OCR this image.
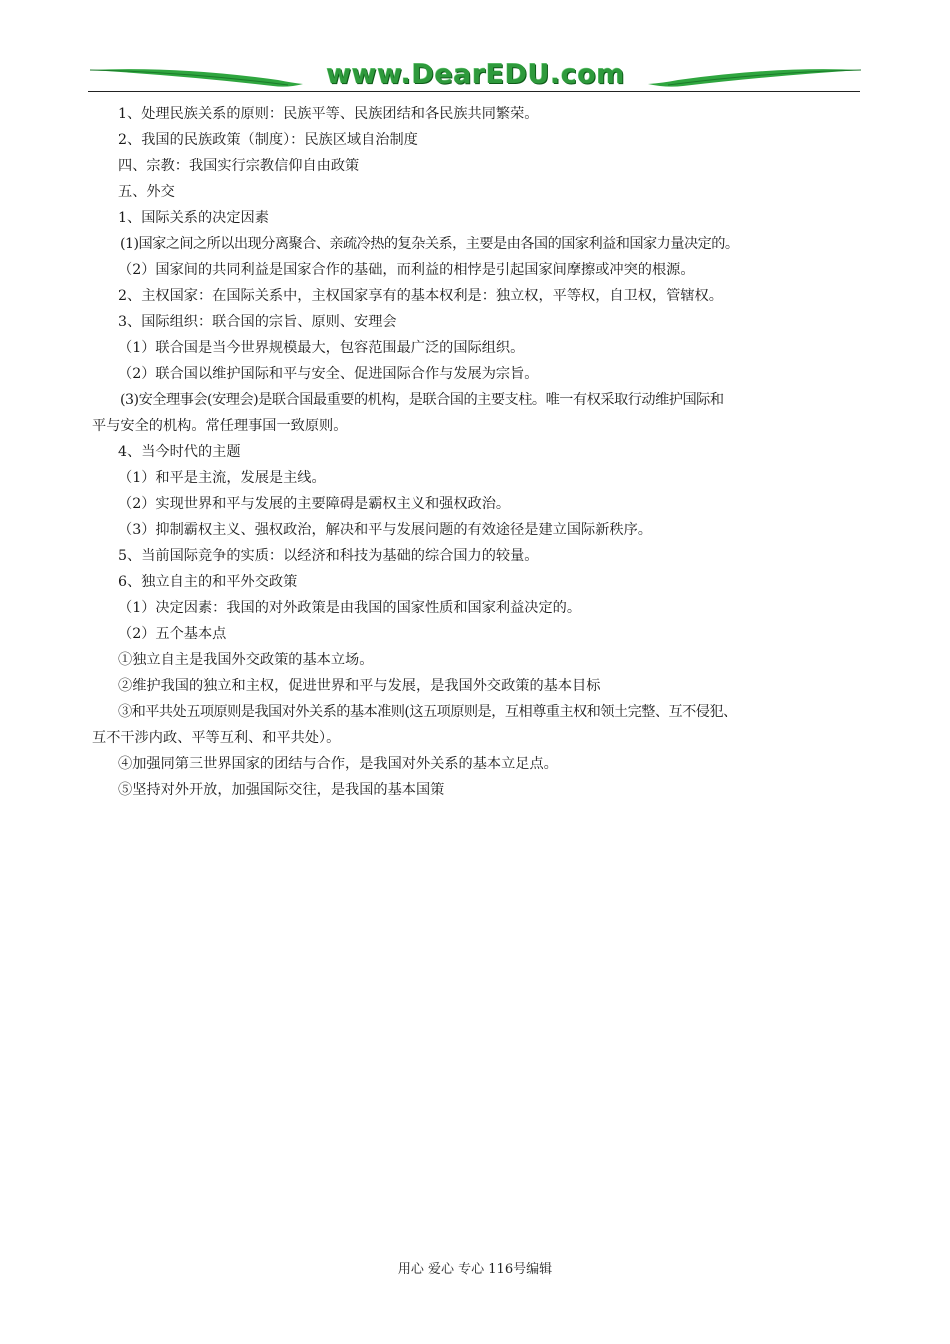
www.DearEDU.com

1、处理民族关系的原则：民族平等、民族团结和各民族共同繁荣。

2、我国的民族政策（制度）：民族区域自治制度

四、宗教：我国实行宗教信仰自由政策

五、外交

1、国际关系的决定因素

(1)国家之间之所以出现分离聚合、亲疏冷热的复杂关系，主要是由各国的国家利益和国家力量决定的。

（2）国家间的共同利益是国家合作的基础，而利益的相悖是引起国家间摩擦或冲突的根源。

2、主权国家：在国际关系中，主权国家享有的基本权利是：独立权，平等权，自卫权，管辖权。

3、国际组织：联合国的宗旨、原则、安理会

（1）联合国是当今世界规模最大，包容范围最广泛的国际组织。

（2）联合国以维护国际和平与安全、促进国际合作与发展为宗旨。

(3)安全理事会(安理会)是联合国最重要的机构，是联合国的主要支柱。唯一有权采取行动维护国际和

平与安全的机构。常任理事国一致原则。

4、当今时代的主题

（1）和平是主流，发展是主线。

（2）实现世界和平与发展的主要障碍是霸权主义和强权政治。

（3）抑制霸权主义、强权政治，解决和平与发展问题的有效途径是建立国际新秩序。

5、当前国际竞争的实质：以经济和科技为基础的综合国力的较量。

6、独立自主的和平外交政策

（1）决定因素：我国的对外政策是由我国的国家性质和国家利益决定的。

（2）五个基本点

①独立自主是我国外交政策的基本立场。

②维护我国的独立和主权，促进世界和平与发展，是我国外交政策的基本目标

③和平共处五项原则是我国对外关系的基本准则(这五项原则是，互相尊重主权和领土完整、互不侵犯、

互不干涉内政、平等互利、和平共处）。

④加强同第三世界国家的团结与合作，是我国对外关系的基本立足点。

⑤坚持对外开放，加强国际交往，是我国的基本国策

用心 爱心 专心 116号编辑
